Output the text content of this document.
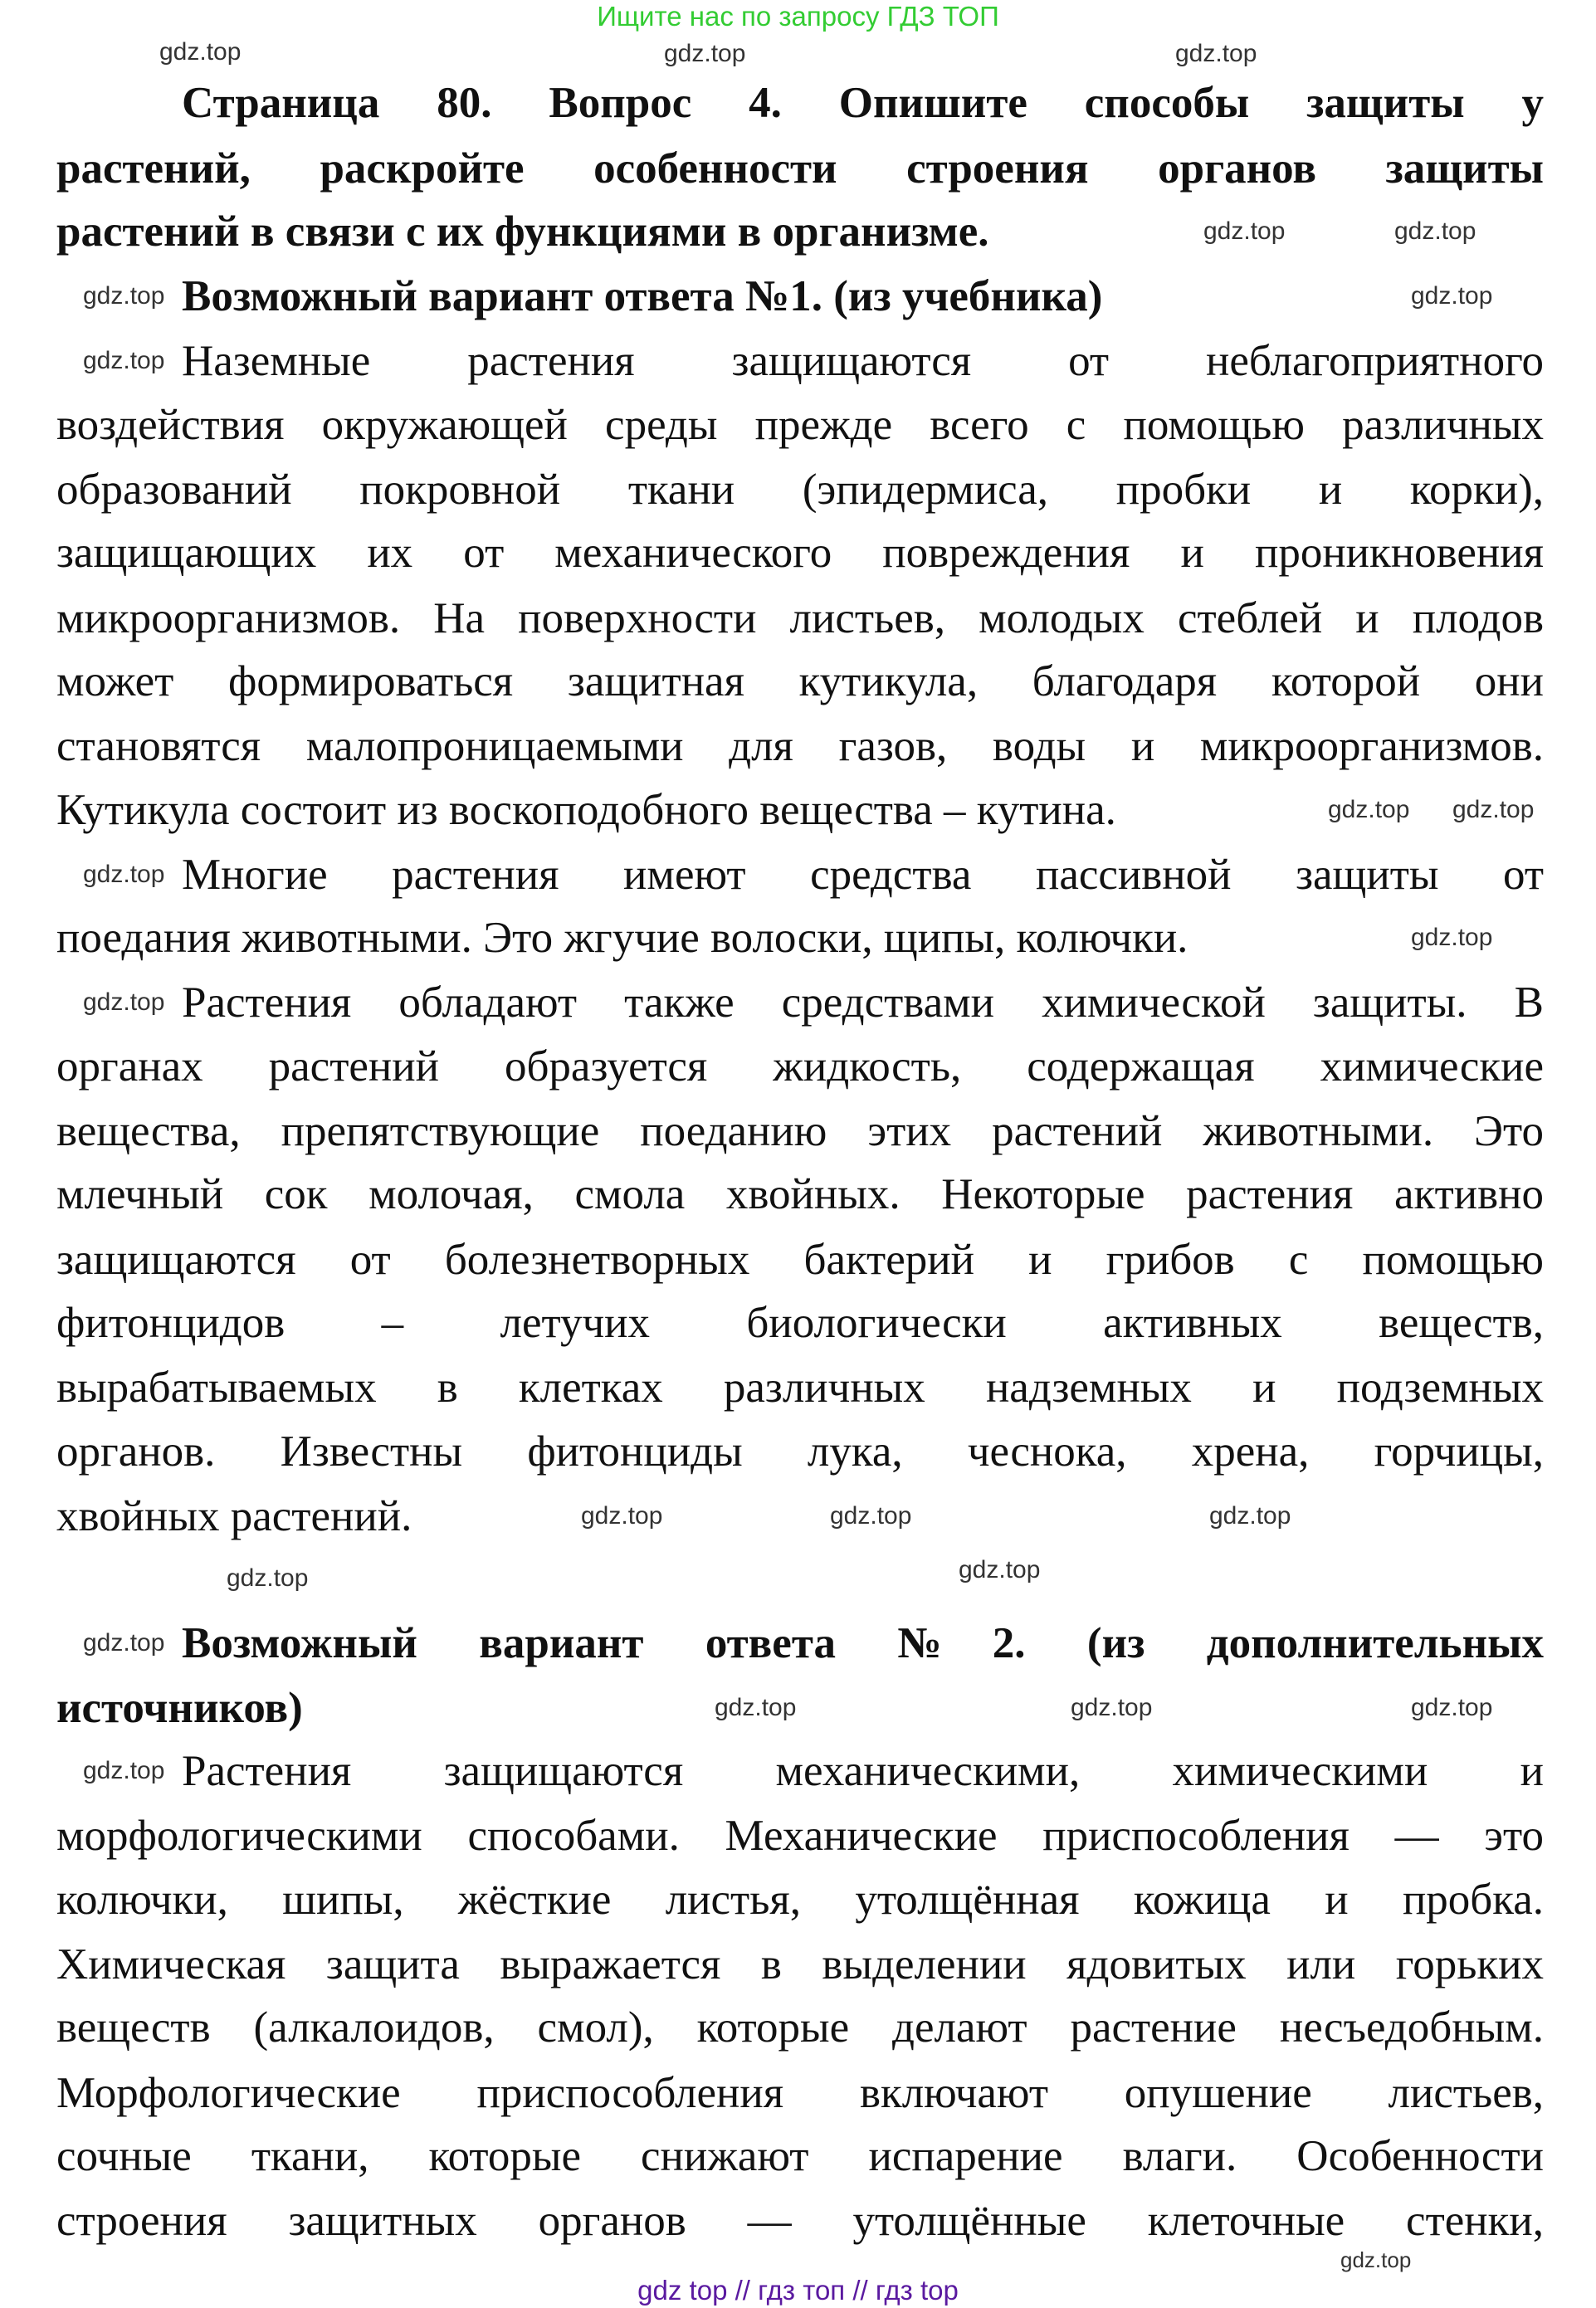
Ищите нас по запросу ГДЗ ТОП
Страница 80. Вопрос 4. Опишите способы защиты у
растений, раскройте особенности строения органов защиты
растений в связи с их функциями в организме.
Возможный вариант ответа №1. (из учебника)
Наземные растения защищаются от неблагоприятного
воздействия окружающей среды прежде всего с помощью различных
образований покровной ткани (эпидермиса, пробки и корки),
защищающих их от механического повреждения и проникновения
микроорганизмов. На поверхности листьев, молодых стеблей и плодов
может формироваться защитная кутикула, благодаря которой они
становятся малопроницаемыми для газов, воды и микроорганизмов.
Кутикула состоит из воскоподобного вещества – кутина.
Многие растения имеют средства пассивной защиты от
поедания животными. Это жгучие волоски, щипы, колючки.
Растения обладают также средствами химической защиты. В
органах растений образуется жидкость, содержащая химические
вещества, препятствующие поеданию этих растений животными. Это
млечный сок молочая, смола хвойных. Некоторые растения активно
защищаются от болезнетворных бактерий и грибов с помощью
фитонцидов – летучих биологически активных веществ,
вырабатываемых в клетках различных надземных и подземных
органов. Известны фитонциды лука, чеснока, хрена, горчицы,
хвойных растений.
Возможный вариант ответа №2. (из дополнительных
источников)
Растения защищаются механическими, химическими и
морфологическими способами. Механические приспособления — это
колючки, шипы, жёсткие листья, утолщённая кожица и пробка.
Химическая защита выражается в выделении ядовитых или горьких
веществ (алкалоидов, смол), которые делают растение несъедобным.
Морфологические приспособления включают опушение листьев,
сочные ткани, которые снижают испарение влаги. Особенности
строения защитных органов — утолщённые клеточные стенки,
gdz.top	gdz.top	gdz.top
gdz.top	gdz.top
gdz.top	gdz.top
gdz.top
gdz.top gdz.top
gdz.top
gdz.top
gdz.top
gdz.top	gdz.top	gdz.top
gdz.top
gdz.top
gdz.top
gdz.top	gdz.top	gdz.top
gdz.top
gdz.top
gdz top // гдз топ // гдз top
